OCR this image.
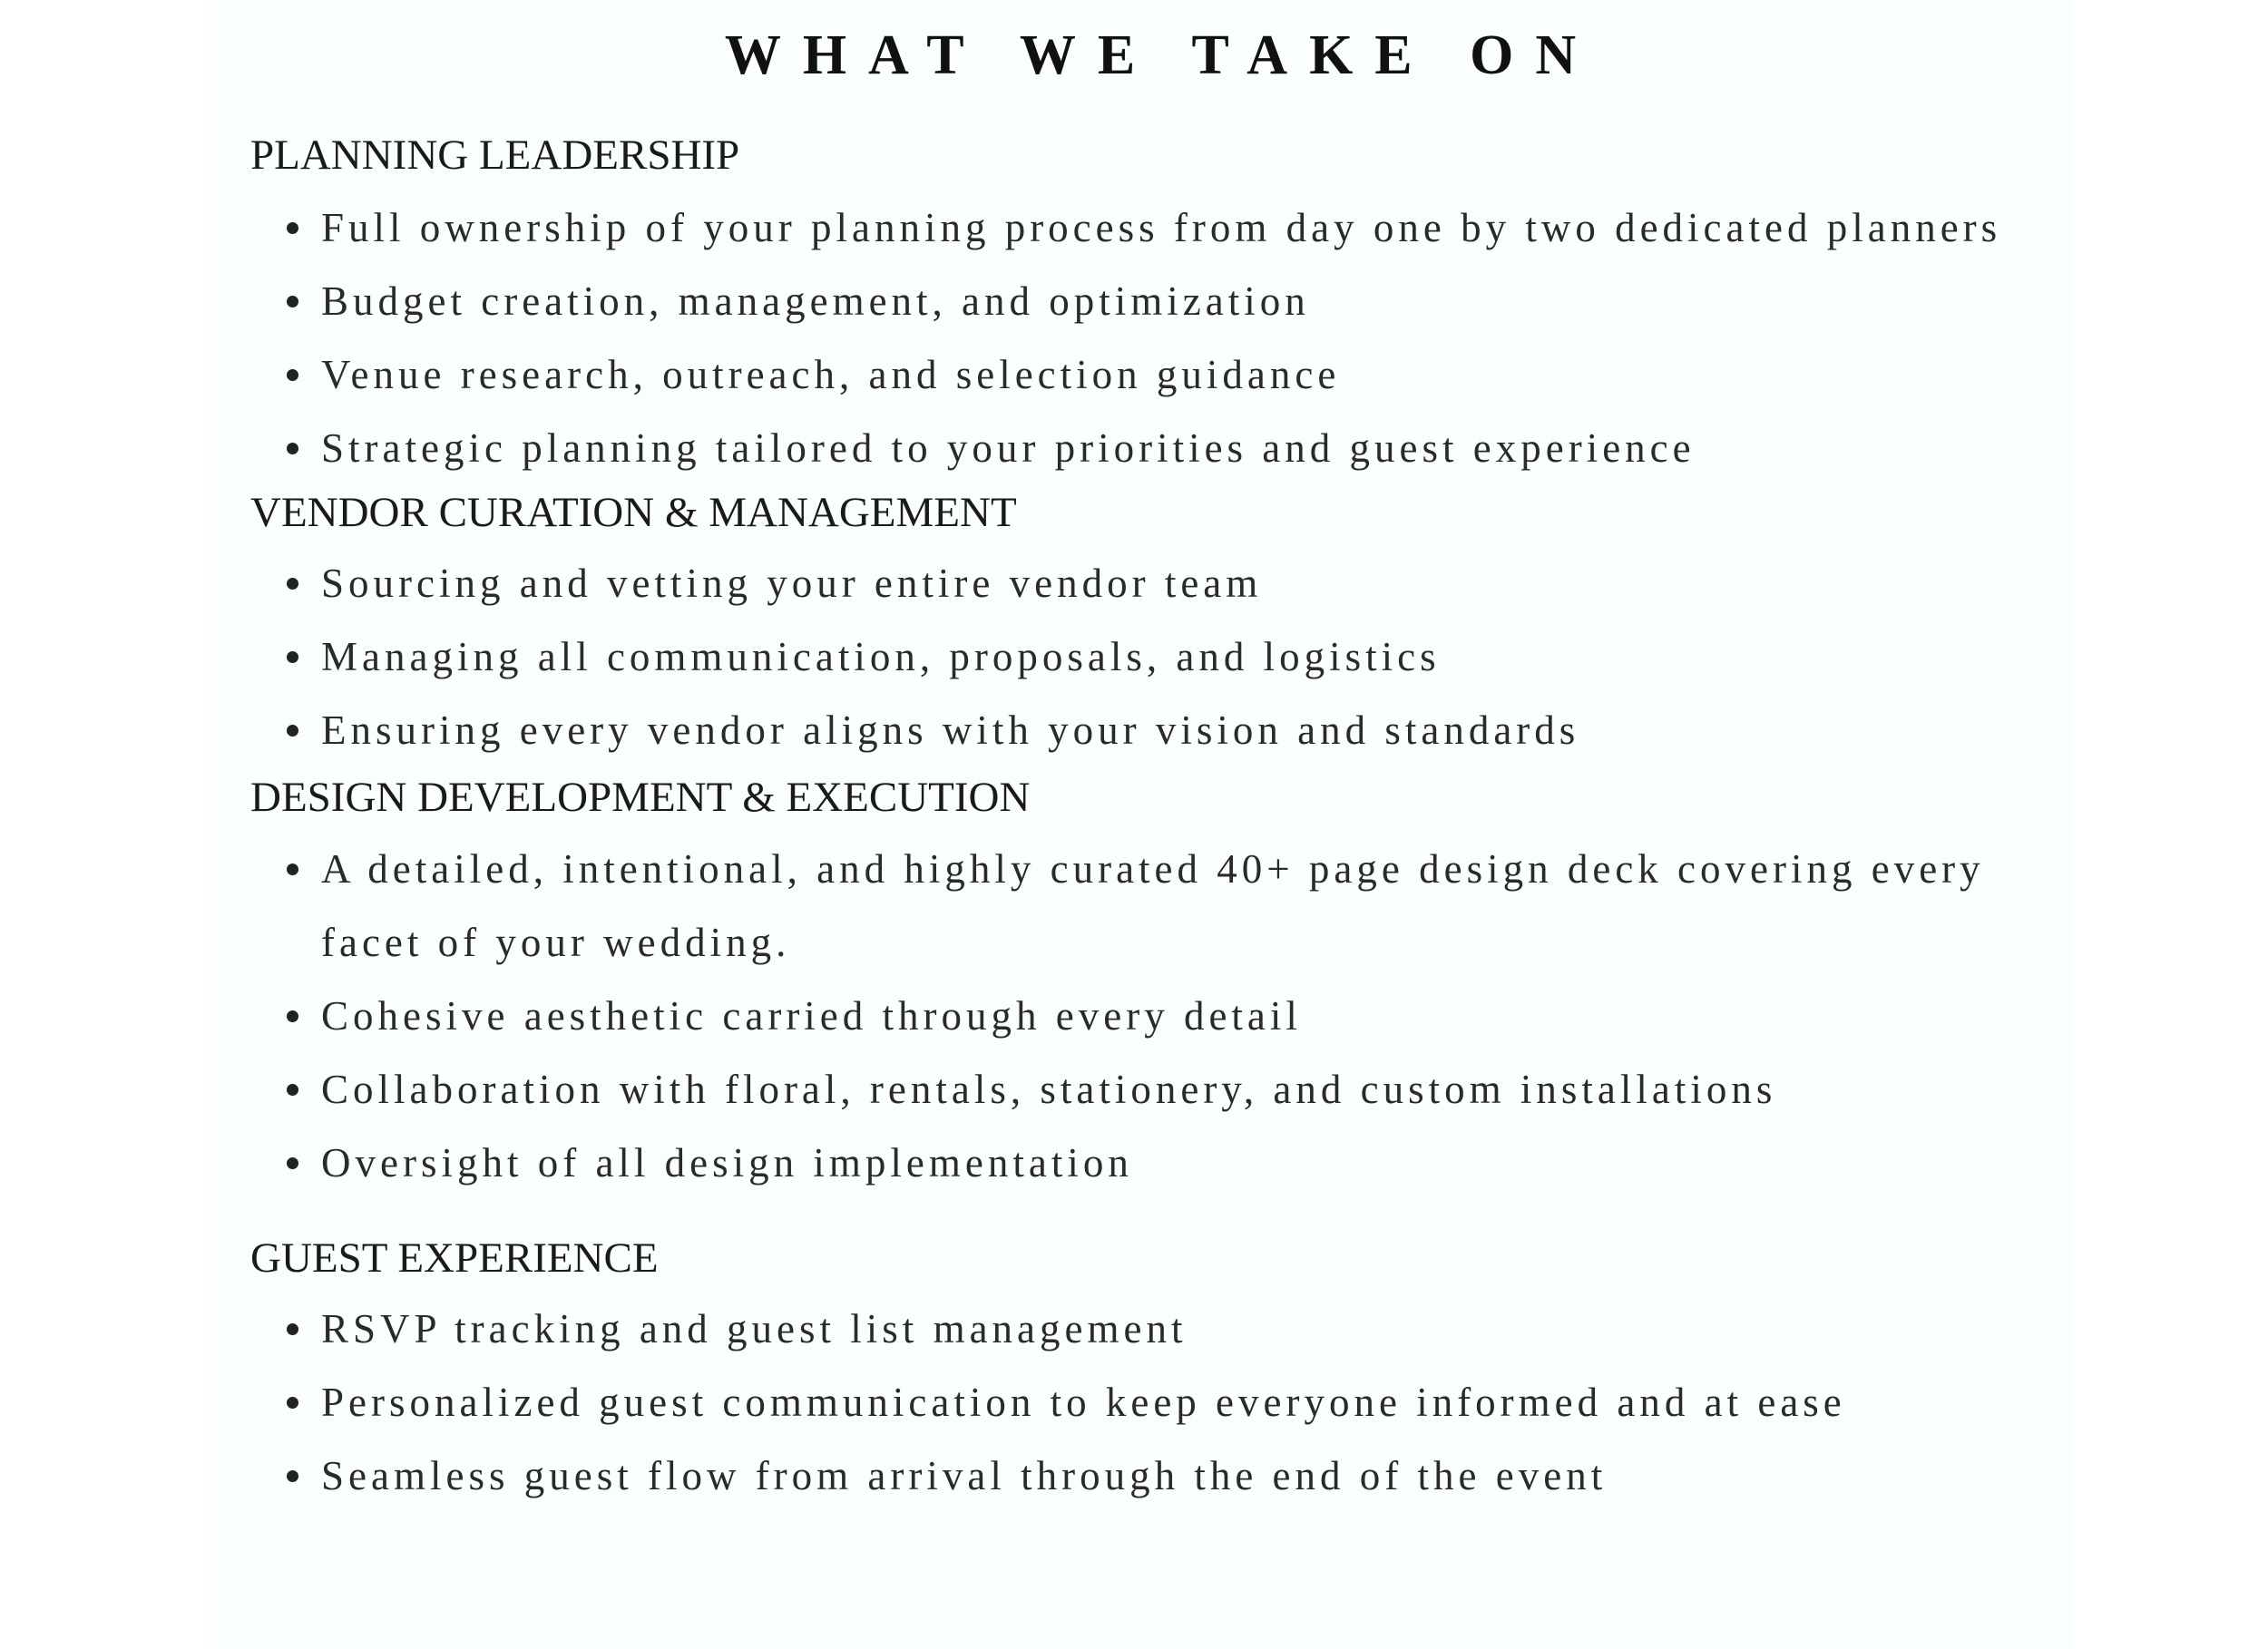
WHAT WE TAKE ON
PLANNING LEADERSHIP
Full ownership of your planning process from day one by two dedicated planners
Budget creation, management, and optimization
Venue research, outreach, and selection guidance
Strategic planning tailored to your priorities and guest experience
VENDOR CURATION & MANAGEMENT
Sourcing and vetting your entire vendor team
Managing all communication, proposals, and logistics
Ensuring every vendor aligns with your vision and standards
DESIGN DEVELOPMENT & EXECUTION
A detailed, intentional, and highly curated 40+ page design deck covering every facet of your wedding.
Cohesive aesthetic carried through every detail
Collaboration with floral, rentals, stationery, and custom installations
Oversight of all design implementation
GUEST EXPERIENCE
RSVP tracking and guest list management
Personalized guest communication to keep everyone informed and at ease
Seamless guest flow from arrival through the end of the event
